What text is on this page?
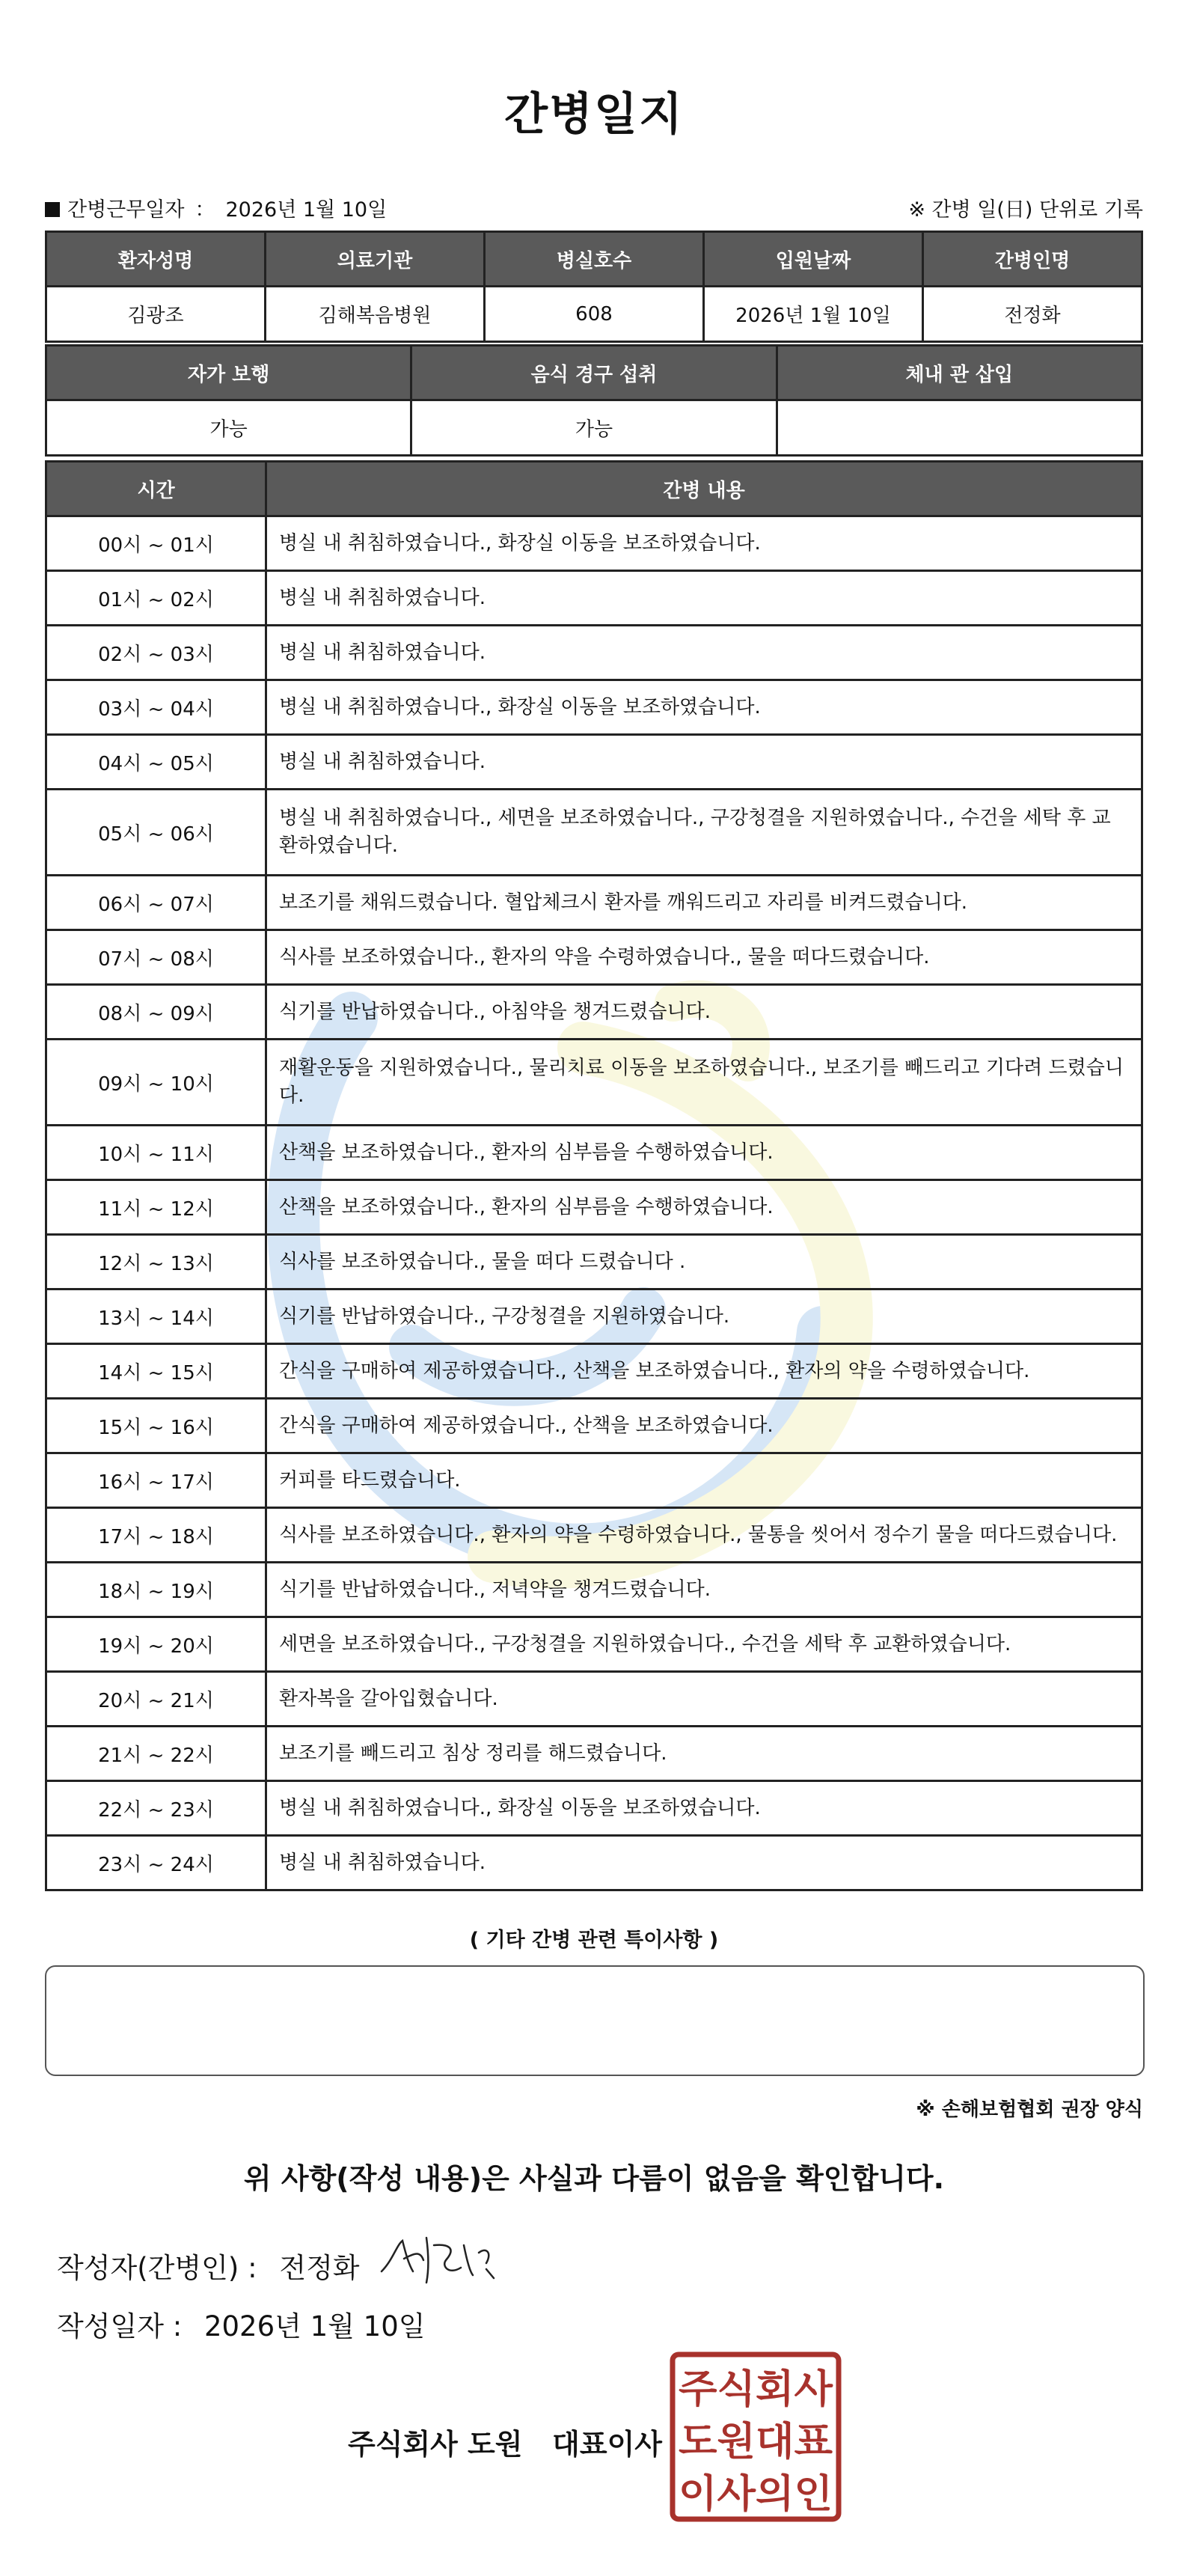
간병일지
간병근무일자 ： 2026년 1월 10일	※ 간병 일(日) 단위로 기록
환자성명	의료기관	병실호수	입원날짜	간병인명
김광조	김해복음병원	608	2026년 1월 10일	전정화
자가 보행	음식 경구 섭취	체내 관 삽입
가능	가능	
시간	간병 내용
00시 ~ 01시	병실 내 취침하였습니다., 화장실 이동을 보조하였습니다.
01시 ~ 02시	병실 내 취침하였습니다.
02시 ~ 03시	병실 내 취침하였습니다.
03시 ~ 04시	병실 내 취침하였습니다., 화장실 이동을 보조하였습니다.
04시 ~ 05시	병실 내 취침하였습니다.
05시 ~ 06시	병실 내 취침하였습니다., 세면을 보조하였습니다., 구강청결을 지원하였습니다., 수건을 세탁 후 교환하였습니다.
06시 ~ 07시	보조기를 채워드렸습니다. 혈압체크시 환자를 깨워드리고 자리를 비켜드렸습니다.
07시 ~ 08시	식사를 보조하였습니다., 환자의 약을 수령하였습니다., 물을 떠다드렸습니다.
08시 ~ 09시	식기를 반납하였습니다., 아침약을 챙겨드렸습니다.
09시 ~ 10시	재활운동을 지원하였습니다., 물리치료 이동을 보조하였습니다., 보조기를 빼드리고 기다려 드렸습니다.
10시 ~ 11시	산책을 보조하였습니다., 환자의 심부름을 수행하였습니다.
11시 ~ 12시	산책을 보조하였습니다., 환자의 심부름을 수행하였습니다.
12시 ~ 13시	식사를 보조하였습니다., 물을 떠다 드렸습니다 .
13시 ~ 14시	식기를 반납하였습니다., 구강청결을 지원하였습니다.
14시 ~ 15시	간식을 구매하여 제공하였습니다., 산책을 보조하였습니다., 환자의 약을 수령하였습니다.
15시 ~ 16시	간식을 구매하여 제공하였습니다., 산책을 보조하였습니다.
16시 ~ 17시	커피를 타드렸습니다.
17시 ~ 18시	식사를 보조하였습니다., 환자의 약을 수령하였습니다., 물통을 씻어서 정수기 물을 떠다드렸습니다.
18시 ~ 19시	식기를 반납하였습니다., 저녁약을 챙겨드렸습니다.
19시 ~ 20시	세면을 보조하였습니다., 구강청결을 지원하였습니다., 수건을 세탁 후 교환하였습니다.
20시 ~ 21시	환자복을 갈아입혔습니다.
21시 ~ 22시	보조기를 빼드리고 침상 정리를 해드렸습니다.
22시 ~ 23시	병실 내 취침하였습니다., 화장실 이동을 보조하였습니다.
23시 ~ 24시	병실 내 취침하였습니다.
( 기타 간병 관련 특이사항 )
※ 손해보험협회 권장 양식
위 사항(작성 내용)은 사실과 다름이 없음을 확인합니다.
작성자(간병인) : 전정화
작성일자 : 2026년 1월 10일
주식회사 도원   대표이사
주식회사
도원대표
이사의인
